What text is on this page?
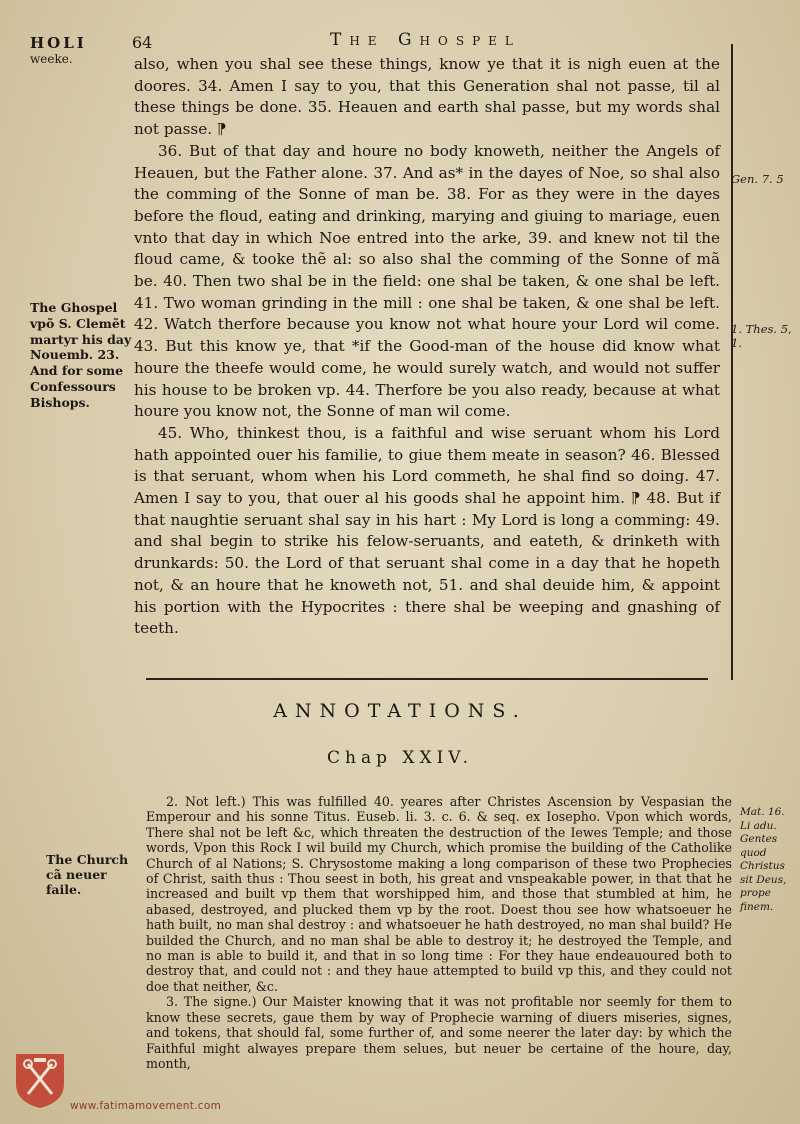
HOLI
weeke.
64	The Ghospel

also, when you shal see these things, know ye that it is nigh euen at the doores. 34. Amen I say to you, that this Generation shal not passe, til al these things be done. 35. Heauen and earth shal passe, but my words shal not passe. ⁋

36. But of that day and houre no body knoweth, neither the Angels of Heauen, but the Father alone. 37. And as* in the dayes of Noe, so shal also the comming of the Sonne of man be. 38. For as they were in the dayes before the floud, eating and drinking, marying and giuing to mariage, euen vnto that day in which Noe entred into the arke, 39. and knew not til the floud came, & tooke thẽ al: so also shal the comming of the Sonne of mã be. 40. Then two shal be in the field: one shal be taken, & one shal be left. 41. Two woman grinding in the mill : one shal be taken, & one shal be left. 42. Watch therfore because you know not what houre your Lord wil come. 43. But this know ye, that *if the Good-man of the house did know what houre the theefe would come, he would surely watch, and would not suffer his house to be broken vp. 44. Therfore be you also ready, because at what houre you know not, the Sonne of man wil come.

45. Who, thinkest thou, is a faithful and wise seruant whom his Lord hath appointed ouer his familie, to giue them meate in season? 46. Blessed is that seruant, whom when his Lord commeth, he shal find so doing. 47. Amen I say to you, that ouer al his goods shal he appoint him. ⁋ 48. But if that naughtie seruant shal say in his hart : My Lord is long a comming: 49. and shal begin to strike his felow-seruants, and eateth, & drinketh with drunkards: 50. the Lord of that seruant shal come in a day that he hopeth not, & an houre that he knoweth not, 51. and shal deuide him, & appoint his portion with the Hypocrites : there shal be weeping and gnashing of teeth.

The Ghospel vpõ S. Clemẽt martyr his day Nouemb. 23. And for some Confessours Bishops.
Gen. 7. 5
1. Thes. 5, 1.
ANNOTATIONS.
Chap XXIV.
The Church cã neuer faile.
Mat. 16. Li adu. Gentes quod Christus sit Deus, prope finem.

2. Not left.) This was fulfilled 40. yeares after Christes Ascension by Vespasian the Emperour and his sonne Titus. Euseb. li. 3. c. 6. & seq. ex Iosepho. Vpon which words, There shal not be left &c, which threaten the destruction of the Iewes Temple; and those words, Vpon this Rock I wil build my Church, which promise the building of the Catholike Church of al Nations; S. Chrysostome making a long comparison of these two Prophecies of Christ, saith thus : Thou seest in both, his great and vnspeakable power, in that that he increased and built vp them that worshipped him, and those that stumbled at him, he abased, destroyed, and plucked them vp by the root. Doest thou see how whatsoeuer he hath built, no man shal destroy : and whatsoeuer he hath destroyed, no man shal build? He builded the Church, and no man shal be able to destroy it; he destroyed the Temple, and no man is able to build it, and that in so long time : For they haue endeauoured both to destroy that, and could not : and they haue attempted to build vp this, and they could not doe that neither, &c.

3. The signe.) Our Maister knowing that it was not profitable nor seemly for them to know these secrets, gaue them by way of Prophecie warning of diuers miseries, signes, and tokens, that should fal, some further of, and some neerer the later day: by which the Faithful might alwayes prepare them selues, but neuer be certaine of the houre, day, month,

www.fatimamovement.com
